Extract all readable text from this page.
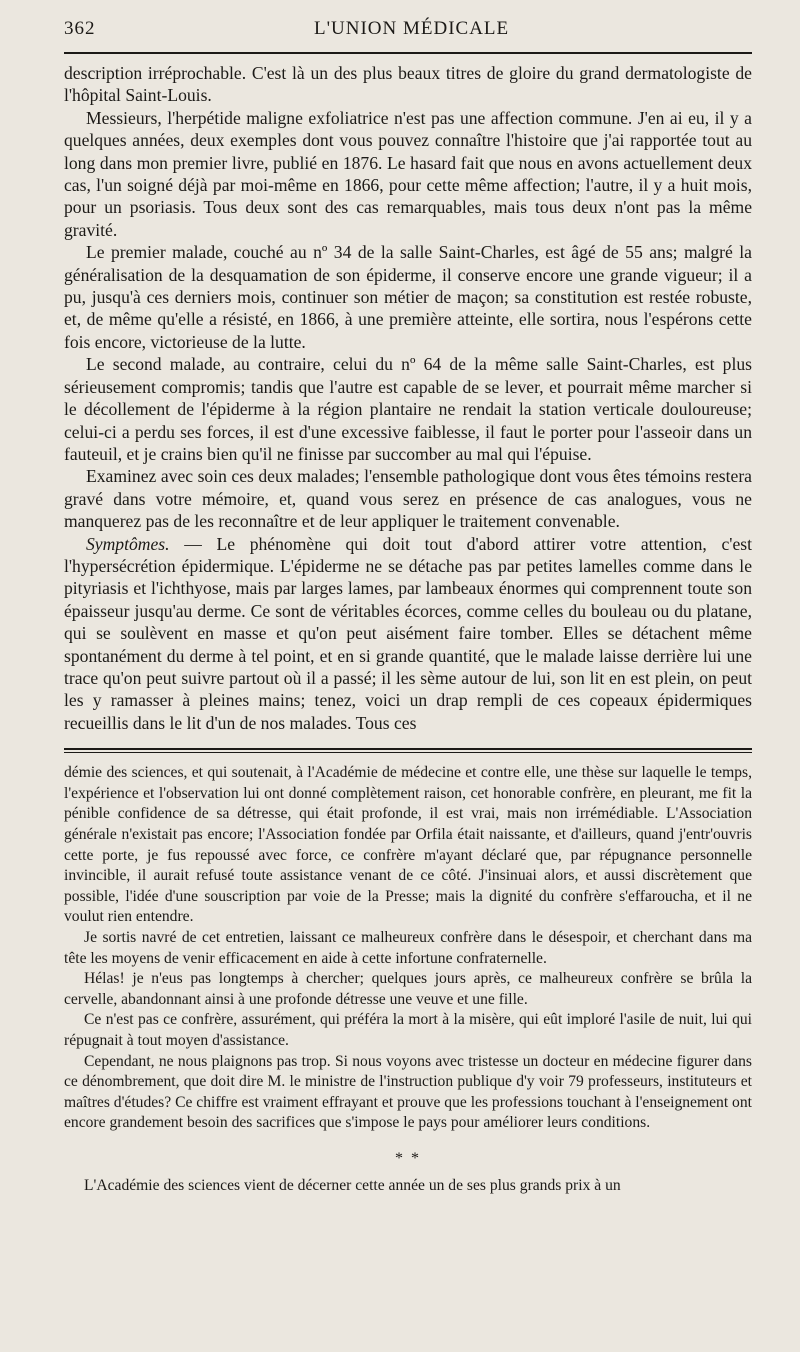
362	L'UNION MÉDICALE

description irréprochable. C'est là un des plus beaux titres de gloire du grand dermatologiste de l'hôpital Saint-Louis.

Messieurs, l'herpétide maligne exfoliatrice n'est pas une affection commune. J'en ai eu, il y a quelques années, deux exemples dont vous pouvez connaître l'histoire que j'ai rapportée tout au long dans mon premier livre, publié en 1876. Le hasard fait que nous en avons actuellement deux cas, l'un soigné déjà par moi-même en 1866, pour cette même affection; l'autre, il y a huit mois, pour un psoriasis. Tous deux sont des cas remarquables, mais tous deux n'ont pas la même gravité.

Le premier malade, couché au nº 34 de la salle Saint-Charles, est âgé de 55 ans; malgré la généralisation de la desquamation de son épiderme, il conserve encore une grande vigueur; il a pu, jusqu'à ces derniers mois, continuer son métier de maçon; sa constitution est restée robuste, et, de même qu'elle a résisté, en 1866, à une première atteinte, elle sortira, nous l'espérons cette fois encore, victorieuse de la lutte.

Le second malade, au contraire, celui du nº 64 de la même salle Saint-Charles, est plus sérieusement compromis; tandis que l'autre est capable de se lever, et pourrait même marcher si le décollement de l'épiderme à la région plantaire ne rendait la station verticale douloureuse; celui-ci a perdu ses forces, il est d'une excessive faiblesse, il faut le porter pour l'asseoir dans un fauteuil, et je crains bien qu'il ne finisse par succomber au mal qui l'épuise.

Examinez avec soin ces deux malades; l'ensemble pathologique dont vous êtes témoins restera gravé dans votre mémoire, et, quand vous serez en présence de cas analogues, vous ne manquerez pas de les reconnaître et de leur appliquer le traitement convenable.

Symptômes. — Le phénomène qui doit tout d'abord attirer votre attention, c'est l'hypersécrétion épidermique. L'épiderme ne se détache pas par petites lamelles comme dans le pityriasis et l'ichthyose, mais par larges lames, par lambeaux énormes qui comprennent toute son épaisseur jusqu'au derme. Ce sont de véritables écorces, comme celles du bouleau ou du platane, qui se soulèvent en masse et qu'on peut aisément faire tomber. Elles se détachent même spontanément du derme à tel point, et en si grande quantité, que le malade laisse derrière lui une trace qu'on peut suivre partout où il a passé; il les sème autour de lui, son lit en est plein, on peut les y ramasser à pleines mains; tenez, voici un drap rempli de ces copeaux épidermiques recueillis dans le lit d'un de nos malades. Tous ces

démie des sciences, et qui soutenait, à l'Académie de médecine et contre elle, une thèse sur laquelle le temps, l'expérience et l'observation lui ont donné complètement raison, cet honorable confrère, en pleurant, me fit la pénible confidence de sa détresse, qui était profonde, il est vrai, mais non irrémédiable. L'Association générale n'existait pas encore; l'Association fondée par Orfila était naissante, et d'ailleurs, quand j'entr'ouvris cette porte, je fus repoussé avec force, ce confrère m'ayant déclaré que, par répugnance personnelle invincible, il aurait refusé toute assistance venant de ce côté. J'insinuai alors, et aussi discrètement que possible, l'idée d'une souscription par voie de la Presse; mais la dignité du confrère s'effaroucha, et il ne voulut rien entendre.

Je sortis navré de cet entretien, laissant ce malheureux confrère dans le désespoir, et cherchant dans ma tête les moyens de venir efficacement en aide à cette infortune confraternelle.

Hélas! je n'eus pas longtemps à chercher; quelques jours après, ce malheureux confrère se brûla la cervelle, abandonnant ainsi à une profonde détresse une veuve et une fille.

Ce n'est pas ce confrère, assurément, qui préféra la mort à la misère, qui eût imploré l'asile de nuit, lui qui répugnait à tout moyen d'assistance.

Cependant, ne nous plaignons pas trop. Si nous voyons avec tristesse un docteur en médecine figurer dans ce dénombrement, que doit dire M. le ministre de l'instruction publique d'y voir 79 professeurs, instituteurs et maîtres d'études? Ce chiffre est vraiment effrayant et prouve que les professions touchant à l'enseignement ont encore grandement besoin des sacrifices que s'impose le pays pour améliorer leurs conditions.

* *

L'Académie des sciences vient de décerner cette année un de ses plus grands prix à un
